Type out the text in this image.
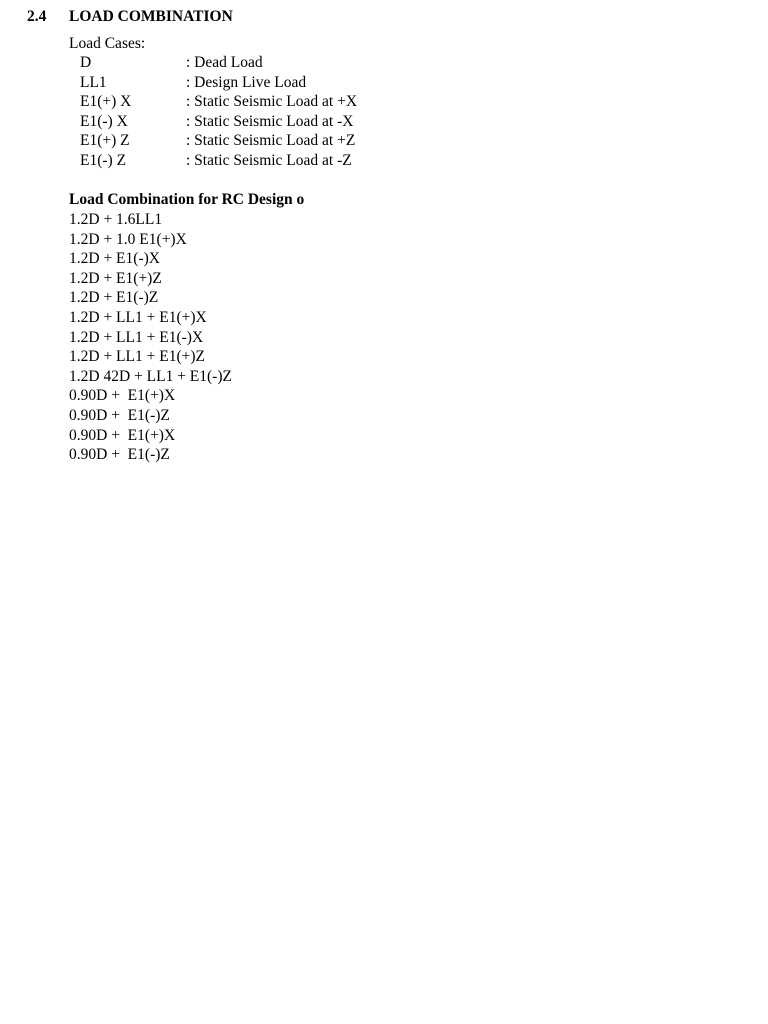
2.4 LOAD COMBINATION
Load Cases:
D	: Dead Load
LL1	: Design Live Load
E1(+) X	: Static Seismic Load at +X
E1(-) X	: Static Seismic Load at -X
E1(+) Z	: Static Seismic Load at +Z
E1(-) Z	: Static Seismic Load at -Z
Load Combination for RC Design o
1.2D + 1.6LL1
1.2D + 1.0 E1(+)X
1.2D + E1(-)X
1.2D + E1(+)Z
1.2D + E1(-)Z
1.2D + LL1 + E1(+)X
1.2D + LL1 + E1(-)X
1.2D + LL1 + E1(+)Z
1.2D 42D + LL1 + E1(-)Z
0.90D +  E1(+)X
0.90D +  E1(-)Z
0.90D +  E1(+)X
0.90D +  E1(-)Z
